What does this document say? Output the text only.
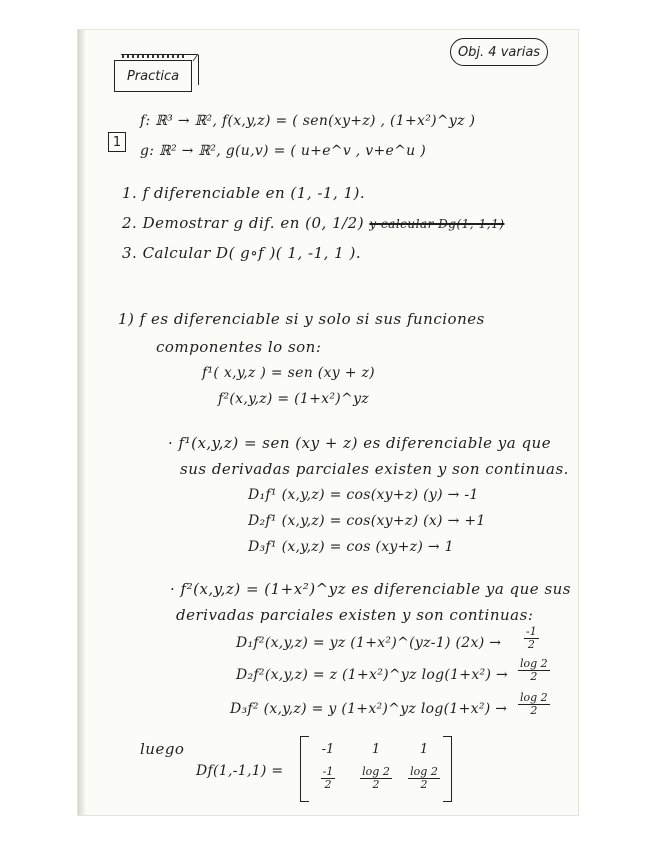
Obj. 4 varias
Practica
1
f: ℝ³ → ℝ², f(x,y,z) = ( sen(xy+z) , (1+x²)^yz )
g: ℝ² → ℝ², g(u,v) = ( u+e^v , v+e^u )
1. f diferenciable en (1, -1, 1).
2. Demostrar g dif. en (0, 1/2) y calcular Dg(1,-1,1)
3. Calcular D( g∘f )( 1, -1, 1 ).
1) f es diferenciable si y solo si sus funciones
componentes lo son:
f¹( x,y,z ) = sen (xy + z)
f²(x,y,z) = (1+x²)^yz
· f¹(x,y,z) = sen (xy + z) es diferenciable ya que
sus derivadas parciales existen y son continuas.
D₁f¹ (x,y,z) = cos(xy+z) (y) → -1
D₂f¹ (x,y,z) = cos(xy+z) (x) → +1
D₃f¹ (x,y,z) = cos (xy+z) → 1
· f²(x,y,z) = (1+x²)^yz es diferenciable ya que sus
derivadas parciales existen y son continuas:
D₁f²(x,y,z) = yz (1+x²)^(yz-1) $(2x) \to \frac{-1}{2}$
D₂f²(x,y,z) = z (1+x²)^yz $\log(1+x^2) \to \frac{\log 2}{2}$
D₃f² (x,y,z) = y (1+x²)^yz $\log(1+x^2) \to \frac{\log 2}{2}$
luego
Df(1,-1,1) =
-1	1	1
$\frac{-1}{2} \frac{\log 2}{2} \frac{\log 2}{2}$
